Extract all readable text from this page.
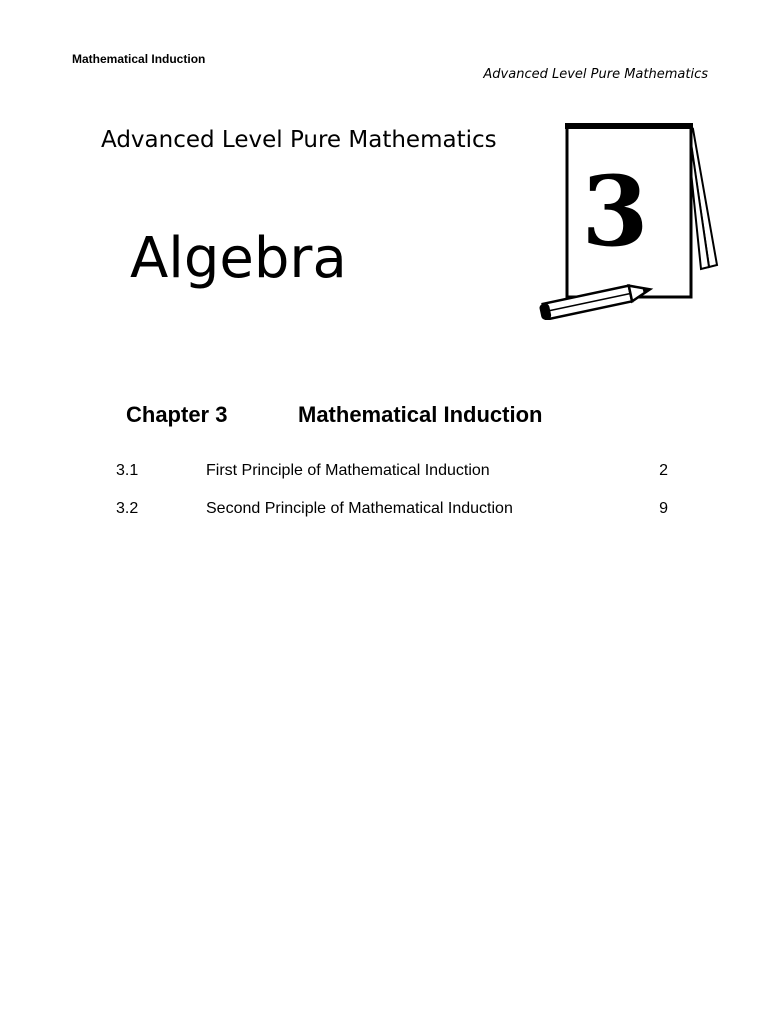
Mathematical Induction
Advanced Level Pure Mathematics
Advanced Level Pure Mathematics
Algebra 3
Chapter 3	Mathematical Induction
3.1	First Principle of Mathematical Induction	2
3.2	Second Principle of Mathematical Induction	9
